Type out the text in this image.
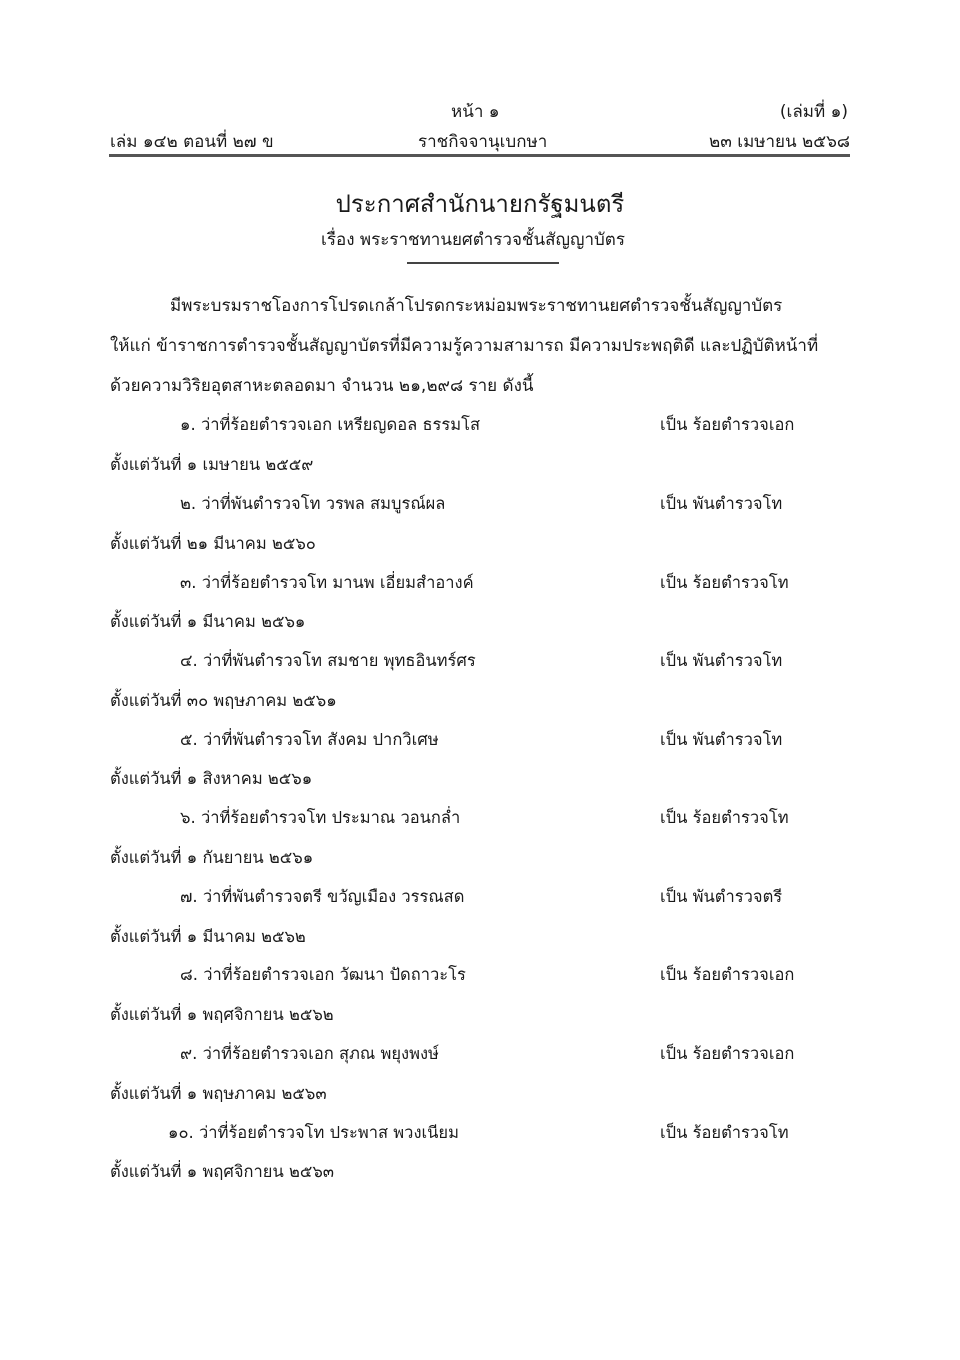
หน้า ๑	(เล่มที่ ๑)
เล่ม ๑๔๒ ตอนที่ ๒๗ ข	ราชกิจจานุเบกษา	๒๓ เมษายน ๒๕๖๘
ประกาศสำนักนายกรัฐมนตรี
เรื่อง พระราชทานยศตำรวจชั้นสัญญาบัตร
มีพระบรมราชโองการโปรดเกล้าโปรดกระหม่อมพระราชทานยศตำรวจชั้นสัญญาบัตร
ให้แก่ ข้าราชการตำรวจชั้นสัญญาบัตรที่มีความรู้ความสามารถ มีความประพฤติดี และปฏิบัติหน้าที่
ด้วยความวิริยอุตสาหะตลอดมา จำนวน ๒๑,๒๙๘ ราย ดังนี้
๑. ว่าที่ร้อยตำรวจเอก เหรียญดอล ธรรมโส	เป็น ร้อยตำรวจเอก
ตั้งแต่วันที่ ๑ เมษายน ๒๕๕๙
๒. ว่าที่พันตำรวจโท วรพล สมบูรณ์ผล	เป็น พันตำรวจโท
ตั้งแต่วันที่ ๒๑ มีนาคม ๒๕๖๐
๓. ว่าที่ร้อยตำรวจโท มานพ เอี่ยมสำอางค์	เป็น ร้อยตำรวจโท
ตั้งแต่วันที่ ๑ มีนาคม ๒๕๖๑
๔. ว่าที่พันตำรวจโท สมชาย พุทธอินทร์ศร	เป็น พันตำรวจโท
ตั้งแต่วันที่ ๓๐ พฤษภาคม ๒๕๖๑
๕. ว่าที่พันตำรวจโท สังคม ปากวิเศษ	เป็น พันตำรวจโท
ตั้งแต่วันที่ ๑ สิงหาคม ๒๕๖๑
๖. ว่าที่ร้อยตำรวจโท ประมาณ วอนกล่ำ	เป็น ร้อยตำรวจโท
ตั้งแต่วันที่ ๑ กันยายน ๒๕๖๑
๗. ว่าที่พันตำรวจตรี ขวัญเมือง วรรณสด	เป็น พันตำรวจตรี
ตั้งแต่วันที่ ๑ มีนาคม ๒๕๖๒
๘. ว่าที่ร้อยตำรวจเอก วัฒนา ปัดถาวะโร	เป็น ร้อยตำรวจเอก
ตั้งแต่วันที่ ๑ พฤศจิกายน ๒๕๖๒
๙. ว่าที่ร้อยตำรวจเอก สุภณ พยุงพงษ์	เป็น ร้อยตำรวจเอก
ตั้งแต่วันที่ ๑ พฤษภาคม ๒๕๖๓
๑๐. ว่าที่ร้อยตำรวจโท ประพาส พวงเนียม	เป็น ร้อยตำรวจโท
ตั้งแต่วันที่ ๑ พฤศจิกายน ๒๕๖๓
